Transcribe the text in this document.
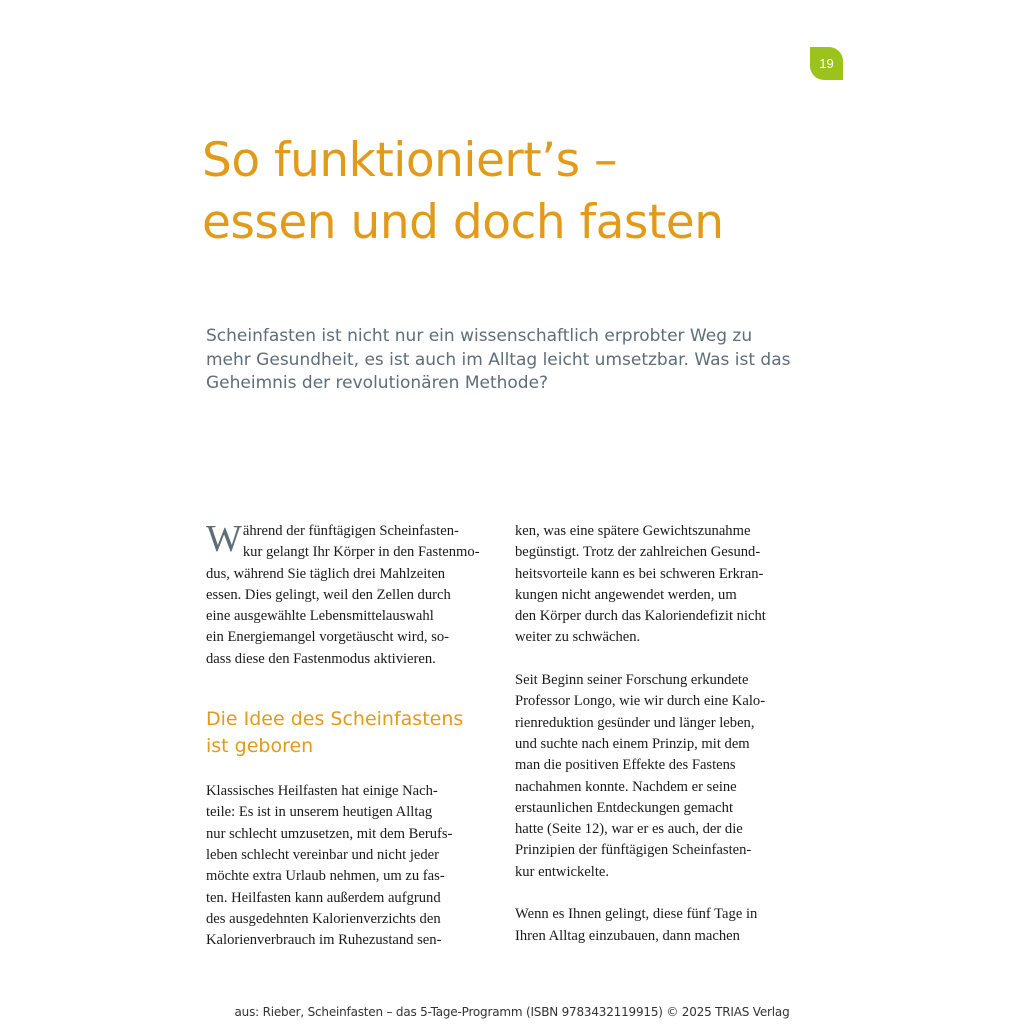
19
So funktioniert’s –
essen und doch fasten

Scheinfasten ist nicht nur ein wissenschaftlich erprobter Weg zu
mehr Gesundheit, es ist auch im Alltag leicht umsetzbar. Was ist das
Geheimnis der revolutionären Methode?

W ährend der fünftägigen Scheinfasten-
kur gelangt Ihr Körper in den Fastenmo-
dus, während Sie täglich drei Mahlzeiten
essen. Dies gelingt, weil den Zellen durch
eine ausgewählte Lebensmittelauswahl
ein Energiemangel vorgetäuscht wird, so-
dass diese den Fastenmodus aktivieren.
Die Idee des Scheinfastens
ist geboren
Klassisches Heilfasten hat einige Nach-
teile: Es ist in unserem heutigen Alltag
nur schlecht umzusetzen, mit dem Berufs-
leben schlecht vereinbar und nicht jeder
möchte extra Urlaub nehmen, um zu fas-
ten. Heilfasten kann außerdem aufgrund
des ausgedehnten Kalorienverzichts den
Kalorienverbrauch im Ruhezustand sen-
ken, was eine spätere Gewichtszunahme
begünstigt. Trotz der zahlreichen Gesund-
heitsvorteile kann es bei schweren Erkran-
kungen nicht angewendet werden, um
den Körper durch das Kaloriendefizit nicht
weiter zu schwächen.
Seit Beginn seiner Forschung erkundete
Professor Longo, wie wir durch eine Kalo-
rienreduktion gesünder und länger leben,
und suchte nach einem Prinzip, mit dem
man die positiven Effekte des Fastens
nachahmen konnte. Nachdem er seine
erstaunlichen Entdeckungen gemacht
hatte (Seite 12), war er es auch, der die
Prinzipien der fünftägigen Scheinfasten-
kur entwickelte.
Wenn es Ihnen gelingt, diese fünf Tage in
Ihren Alltag einzubauen, dann machen
aus: Rieber, Scheinfasten – das 5-Tage-Programm (ISBN 9783432119915) © 2025 TRIAS Verlag
